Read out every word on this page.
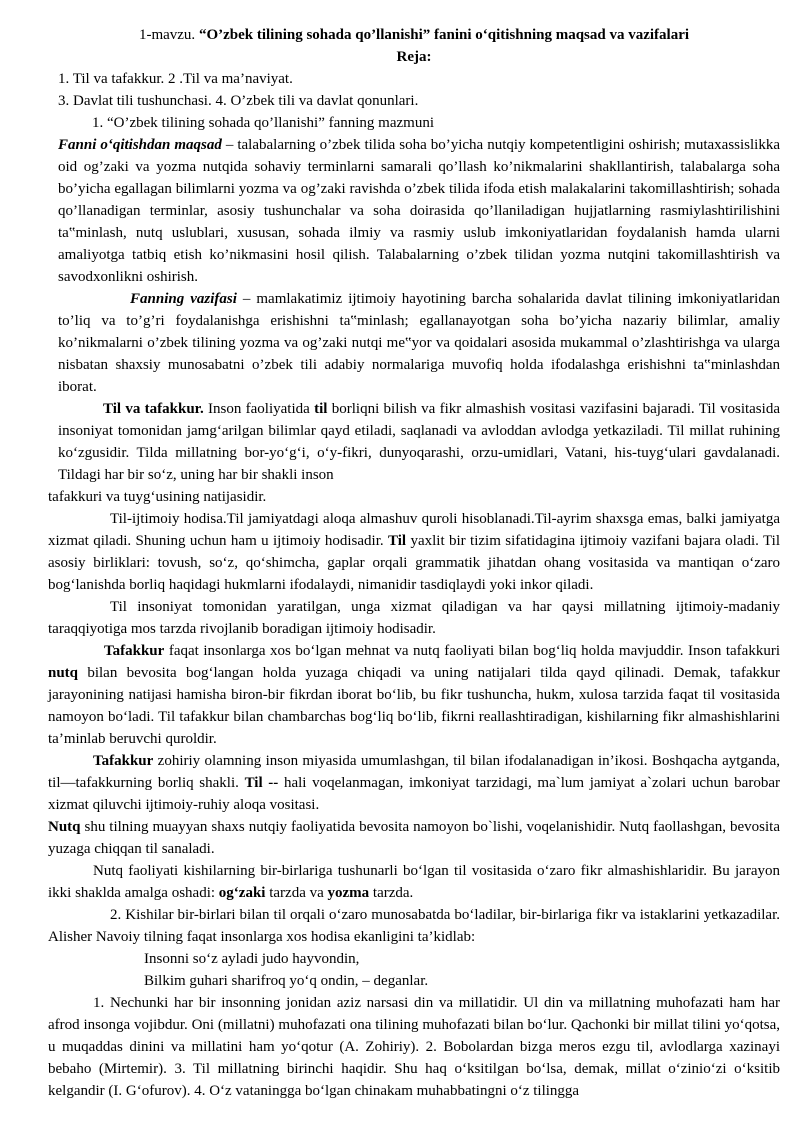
1-mavzu. “O’zbek tilining sohada qo’llanishi” fanini o‘qitishning maqsad va vazifalari

Reja:

1. Til va tafakkur. 2 .Til va ma’naviyat.

3. Davlat tili tushunchasi. 4. O’zbek tili va davlat qonunlari.

1. “O’zbek tilining sohada qo’llanishi” fanning mazmuni

Fanni o‘qitishdan maqsad – talabalarning o’zbek tilida soha bo’yicha nutqiy kompetentligini oshirish; mutaxassislikka oid og’zaki va yozma nutqida sohaviy terminlarni samarali qo’llash ko’nikmalarini shakllantirish, talabalarga soha bo’yicha egallagan bilimlarni yozma va og’zaki ravishda o’zbek tilida ifoda etish malakalarini takomillashtirish; sohada qo’llanadigan terminlar, asosiy tushunchalar va soha doirasida qo’llaniladigan hujjatlarning rasmiylashtirilishini ta‟minlash, nutq uslublari, xususan, sohada ilmiy va rasmiy uslub imkoniyatlaridan foydalanish hamda ularni amaliyotga tatbiq etish ko’nikmasini hosil qilish. Talabalarning o’zbek tilidan yozma nutqini takomillashtirish va savodxonlikni oshirish.

Fanning vazifasi – mamlakatimiz ijtimoiy hayotining barcha sohalarida davlat tilining imkoniyatlaridan to’liq va to’g’ri foydalanishga erishishni ta‟minlash; egallanayotgan soha bo’yicha nazariy bilimlar, amaliy ko’nikmalarni o’zbek tilining yozma va og’zaki nutqi me‟yor va qoidalari asosida mukammal o’zlashtirishga va ularga nisbatan shaxsiy munosabatni o’zbek tili adabiy normalariga muvofiq holda ifodalashga erishishni ta‟minlashdan iborat.

Til va tafakkur. Inson faoliyatida til borliqni bilish va fikr almashish vositasi vazifasini bajaradi. Til vositasida insoniyat tomonidan jamg‘arilgan bilimlar qayd etiladi, saqlanadi va avloddan avlodga yetkaziladi. Til millat ruhining ko‘zgusidir. Tilda millatning bor-yo‘g‘i, o‘y-fikri, dunyoqarashi, orzu-umidlari, Vatani, his-tuyg‘ulari gavdalanadi. Tildagi har bir so‘z, uning har bir shakli inson

tafakkuri va tuyg‘usining natijasidir.

Til-ijtimoiy hodisa.Til jamiyatdagi aloqa almashuv quroli hisoblanadi.Til-ayrim shaxsga emas, balki jamiyatga xizmat qiladi. Shuning uchun ham u ijtimoiy hodisadir. Til yaxlit bir tizim sifatidagina ijtimoiy vazifani bajara oladi. Til asosiy birliklari: tovush, so‘z, qo‘shimcha, gaplar orqali grammatik jihatdan ohang vositasida va mantiqan o‘zaro bog‘lanishda borliq haqidagi hukmlarni ifodalaydi, nimanidir tasdiqlaydi yoki inkor qiladi.

Til insoniyat tomonidan yaratilgan, unga xizmat qiladigan va har qaysi millatning ijtimoiy-madaniy taraqqiyotiga mos tarzda rivojlanib boradigan ijtimoiy hodisadir.

Tafakkur faqat insonlarga xos bo‘lgan mehnat va nutq faoliyati bilan bog‘liq holda mavjuddir. Inson tafakkuri nutq bilan bevosita bog‘langan holda yuzaga chiqadi va uning natijalari tilda qayd qilinadi. Demak, tafakkur jarayonining natijasi hamisha biron-bir fikrdan iborat bo‘lib, bu fikr tushuncha, hukm, xulosa tarzida faqat til vositasida namoyon bo‘ladi. Til tafakkur bilan chambarchas bog‘liq bo‘lib, fikrni reallashtiradigan, kishilarning fikr almashishlarini ta’minlab beruvchi quroldir.

Tafakkur zohiriy olamning inson miyasida umumlashgan, til bilan ifodalanadigan in’ikosi. Boshqacha aytganda, til—tafakkurning borliq shakli. Til -- hali voqelanmagan, imkoniyat tarzidagi, ma`lum jamiyat a`zolari uchun barobar xizmat qiluvchi ijtimoiy-ruhiy aloqa vositasi.

Nutq shu tilning muayyan shaxs nutqiy faoliyatida bevosita namoyon bo`lishi, voqelanishidir. Nutq faollashgan, bevosita yuzaga chiqqan til sanaladi.

Nutq faoliyati kishilarning bir-birlariga tushunarli bo‘lgan til vositasida o‘zaro fikr almashishlaridir. Bu jarayon ikki shaklda amalga oshadi: og‘zaki tarzda va yozma tarzda.

2. Kishilar bir-birlari bilan til orqali o‘zaro munosabatda bo‘ladilar, bir-birlariga fikr va istaklarini yetkazadilar. Alisher Navoiy tilning faqat insonlarga xos hodisa ekanligini ta’kidlab:

Insonni so‘z ayladi judo hayvondin,

Bilkim guhari sharifroq yo‘q ondin, – deganlar.

1. Nechunki har bir insonning jonidan aziz narsasi din va millatidir. Ul din va millatning muhofazati ham har afrod insonga vojibdur. Oni (millatni) muhofazati ona tilining muhofazati bilan bo‘lur. Qachonki bir millat tilini yo‘qotsa, u muqaddas dinini va millatini ham yo‘qotur (A. Zohiriy). 2. Bobolardan bizga meros ezgu til, avlodlarga xazinayi bebaho (Mirtemir). 3. Til millatning birinchi haqidir. Shu haq o‘ksitilgan bo‘lsa, demak, millat o‘zinio‘zi o‘ksitib kelgandir (I. G‘ofurov). 4. O‘z vataningga bo‘lgan chinakam muhabbatingni o‘z tilingga
